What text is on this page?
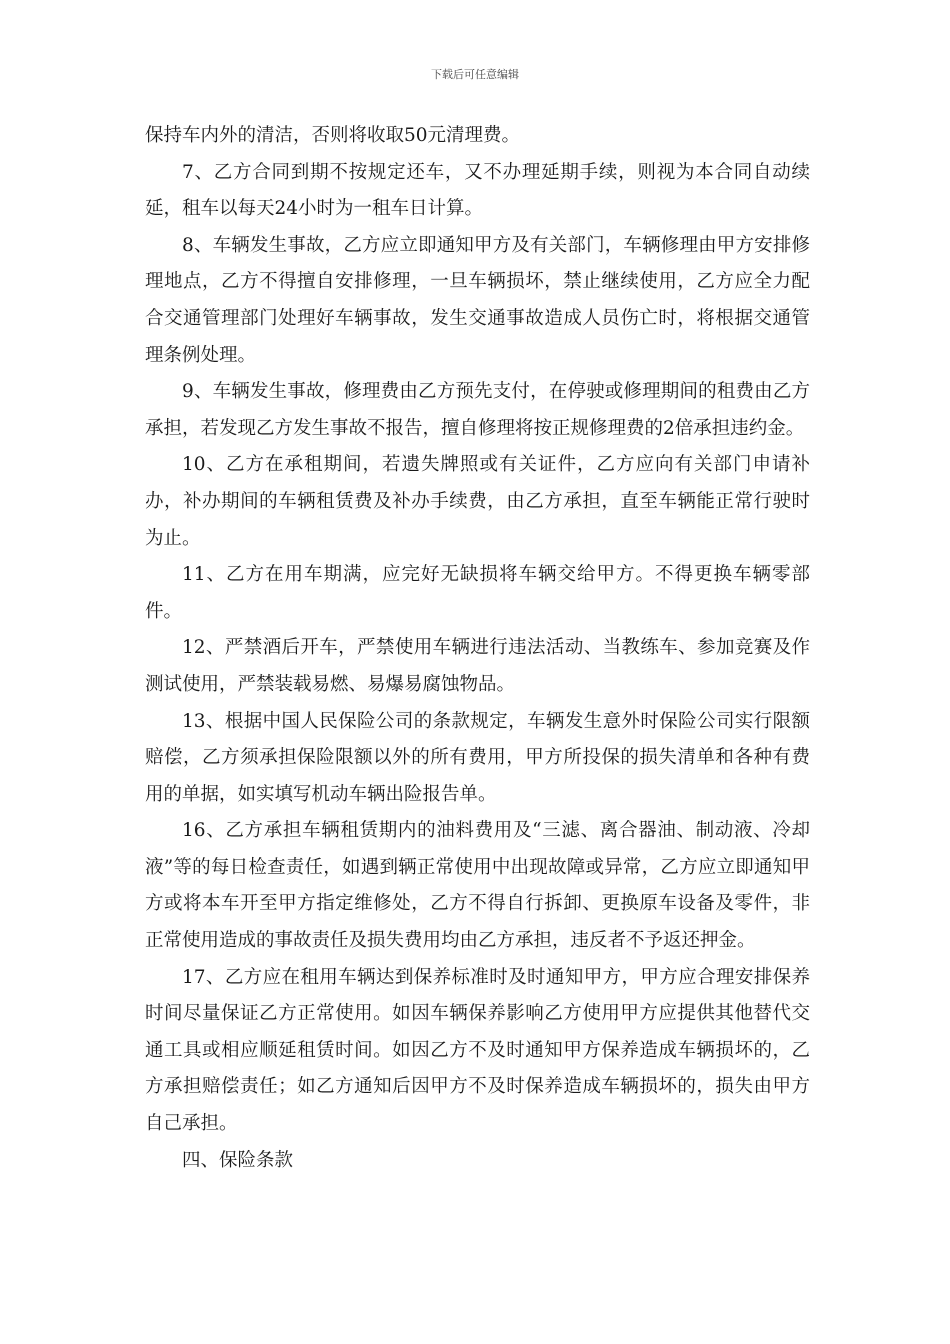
下载后可任意编辑

保持车内外的清洁，否则将收取50元清理费。

7、乙方合同到期不按规定还车，又不办理延期手续，则视为本合同自动续延，租车以每天24小时为一租车日计算。

8、车辆发生事故，乙方应立即通知甲方及有关部门，车辆修理由甲方安排修理地点，乙方不得擅自安排修理，一旦车辆损坏，禁止继续使用，乙方应全力配合交通管理部门处理好车辆事故，发生交通事故造成人员伤亡时，将根据交通管理条例处理。

9、车辆发生事故，修理费由乙方预先支付，在停驶或修理期间的租费由乙方承担，若发现乙方发生事故不报告，擅自修理将按正规修理费的2倍承担违约金。

10、乙方在承租期间，若遗失牌照或有关证件，乙方应向有关部门申请补办，补办期间的车辆租赁费及补办手续费，由乙方承担，直至车辆能正常行驶时为止。

11、乙方在用车期满，应完好无缺损将车辆交给甲方。不得更换车辆零部件。

12、严禁酒后开车，严禁使用车辆进行违法活动、当教练车、参加竞赛及作测试使用，严禁装载易燃、易爆易腐蚀物品。

13、根据中国人民保险公司的条款规定，车辆发生意外时保险公司实行限额赔偿，乙方须承担保险限额以外的所有费用，甲方所投保的损失清单和各种有费用的单据，如实填写机动车辆出险报告单。

16、乙方承担车辆租赁期内的油料费用及“三滤、离合器油、制动液、冷却液”等的每日检查责任，如遇到辆正常使用中出现故障或异常，乙方应立即通知甲方或将本车开至甲方指定维修处，乙方不得自行拆卸、更换原车设备及零件，非正常使用造成的事故责任及损失费用均由乙方承担，违反者不予返还押金。

17、乙方应在租用车辆达到保养标准时及时通知甲方，甲方应合理安排保养时间尽量保证乙方正常使用。如因车辆保养影响乙方使用甲方应提供其他替代交通工具或相应顺延租赁时间。如因乙方不及时通知甲方保养造成车辆损坏的，乙方承担赔偿责任；如乙方通知后因甲方不及时保养造成车辆损坏的，损失由甲方自己承担。

四、保险条款
